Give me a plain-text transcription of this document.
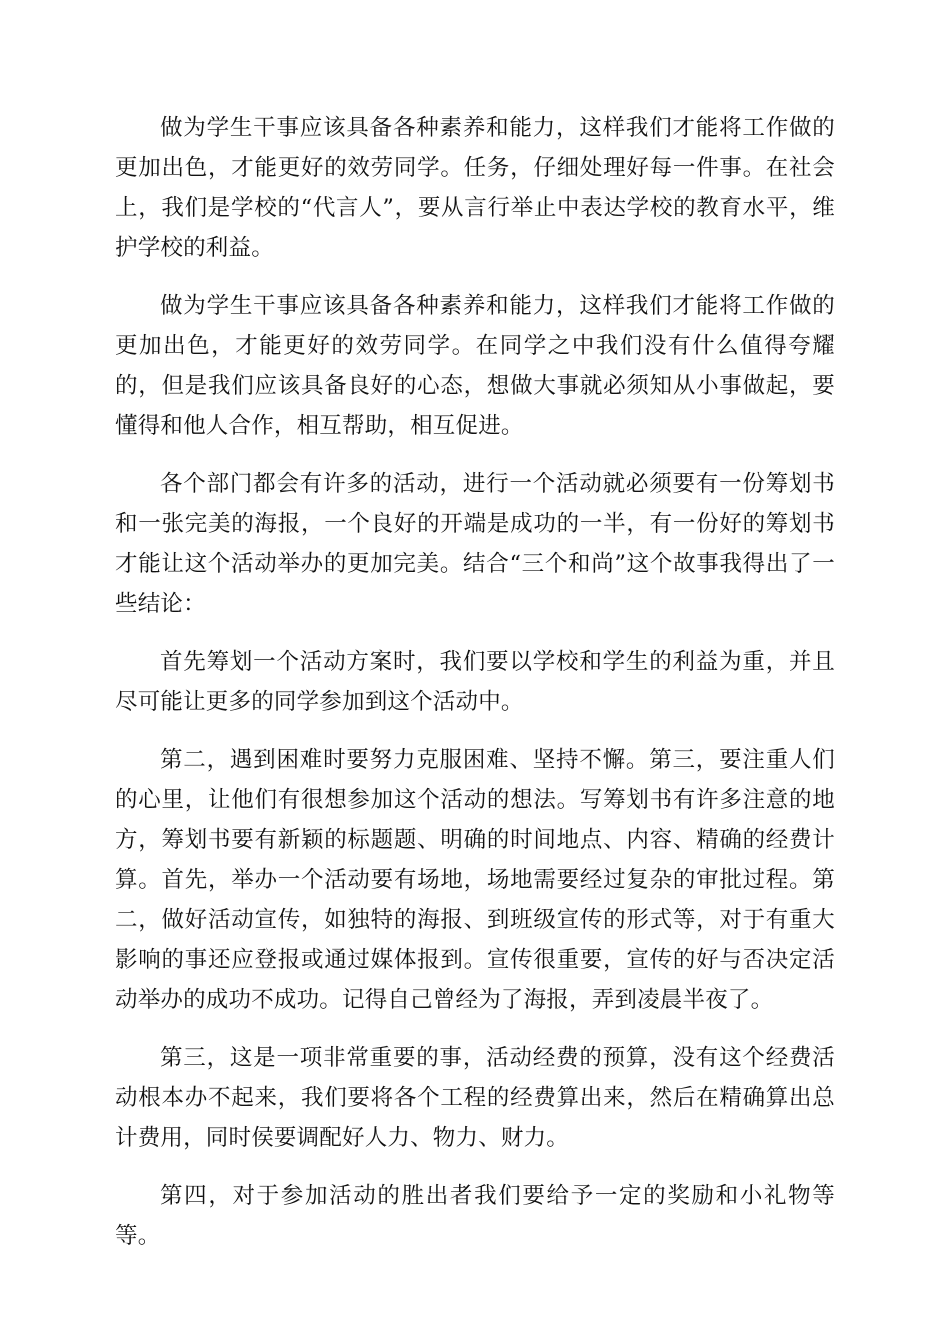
做为学生干事应该具备各种素养和能力，这样我们才能将工作做的更加出色，才能更好的效劳同学。任务，仔细处理好每一件事。在社会上，我们是学校的“代言人”，要从言行举止中表达学校的教育水平，维护学校的利益。

做为学生干事应该具备各种素养和能力，这样我们才能将工作做的更加出色，才能更好的效劳同学。在同学之中我们没有什么值得夸耀的，但是我们应该具备良好的心态，想做大事就必须知从小事做起，要懂得和他人合作，相互帮助，相互促进。

各个部门都会有许多的活动，进行一个活动就必须要有一份筹划书和一张完美的海报，一个良好的开端是成功的一半，有一份好的筹划书才能让这个活动举办的更加完美。结合“三个和尚”这个故事我得出了一些结论：

首先筹划一个活动方案时，我们要以学校和学生的利益为重，并且尽可能让更多的同学参加到这个活动中。

第二，遇到困难时要努力克服困难、坚持不懈。第三，要注重人们的心里，让他们有很想参加这个活动的想法。写筹划书有许多注意的地方，筹划书要有新颖的标题题、明确的时间地点、内容、精确的经费计算。首先，举办一个活动要有场地，场地需要经过复杂的审批过程。第二，做好活动宣传，如独特的海报、到班级宣传的形式等，对于有重大影响的事还应登报或通过媒体报到。宣传很重要，宣传的好与否决定活动举办的成功不成功。记得自己曾经为了海报，弄到凌晨半夜了。

第三，这是一项非常重要的事，活动经费的预算，没有这个经费活动根本办不起来，我们要将各个工程的经费算出来，然后在精确算出总计费用，同时侯要调配好人力、物力、财力。

第四，对于参加活动的胜出者我们要给予一定的奖励和小礼物等等。
